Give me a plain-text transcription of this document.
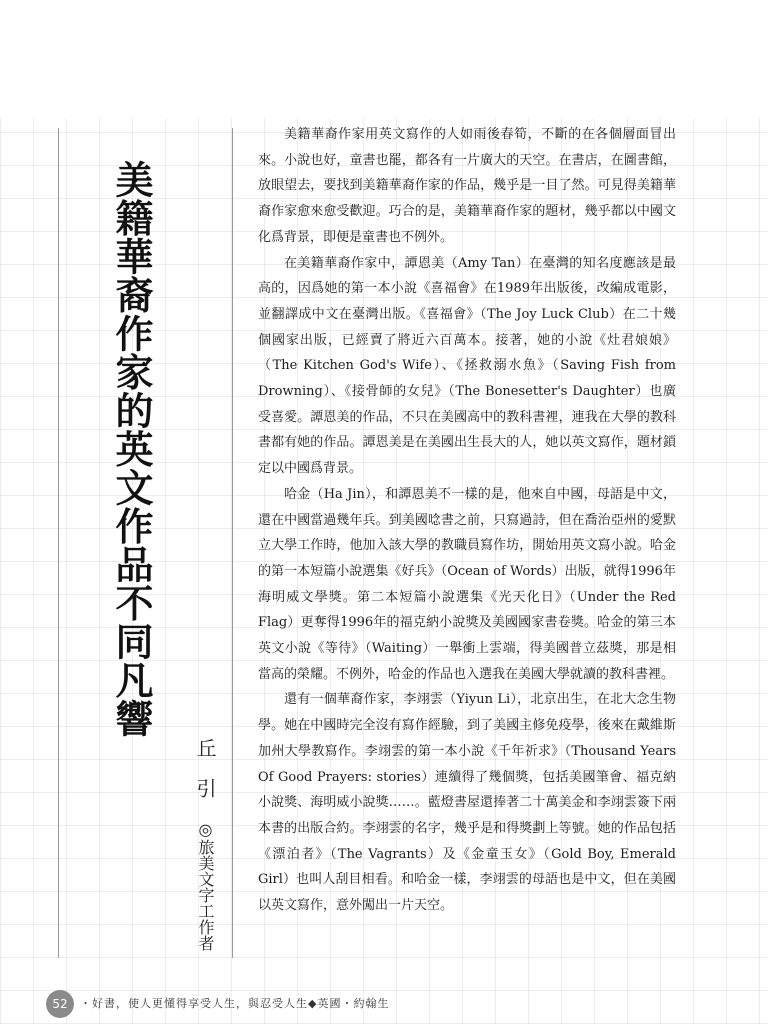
美籍華裔作家的英文作品不同凡響
丘引◎旅美文字工作者

美籍華裔作家用英文寫作的人如雨後春筍，不斷的在各個層面冒出來。小說也好，童書也罷，都各有一片廣大的天空。在書店，在圖書館，放眼望去，要找到美籍華裔作家的作品，幾乎是一目了然。可見得美籍華裔作家愈來愈受歡迎。巧合的是，美籍華裔作家的題材，幾乎都以中國文化爲背景，即便是童書也不例外。

在美籍華裔作家中，譚恩美（Amy Tan）在臺灣的知名度應該是最高的，因爲她的第一本小說《喜福會》在1989年出版後，改編成電影，並翻譯成中文在臺灣出版。《喜福會》（The Joy Luck Club）在二十幾個國家出版，已經賣了將近六百萬本。接著，她的小說《灶君娘娘》（The Kitchen God's Wife）、《拯救溺水魚》（Saving Fish from Drowning）、《接骨師的女兒》（The Bonesetter's Daughter）也廣受喜愛。譚恩美的作品，不只在美國高中的教科書裡，連我在大學的教科書都有她的作品。譚恩美是在美國出生長大的人，她以英文寫作，題材鎖定以中國爲背景。

哈金（Ha Jin），和譚恩美不一樣的是，他來自中國，母語是中文，還在中國當過幾年兵。到美國唸書之前，只寫過詩，但在喬治亞州的愛默立大學工作時，他加入該大學的教職員寫作坊，開始用英文寫小說。哈金的第一本短篇小說選集《好兵》（Ocean of Words）出版，就得1996年海明威文學獎。第二本短篇小說選集《光天化日》（Under the Red Flag）更奪得1996年的福克納小說獎及美國國家書卷獎。哈金的第三本英文小說《等待》（Waiting）一舉衝上雲端，得美國普立茲獎，那是相當高的榮耀。不例外，哈金的作品也入選我在美國大學就讀的教科書裡。

還有一個華裔作家，李翊雲（Yiyun Li），北京出生，在北大念生物學。她在中國時完全沒有寫作經驗，到了美國主修免疫學，後來在戴維斯加州大學教寫作。李翊雲的第一本小說《千年祈求》（Thousand Years Of Good Prayers: stories）連續得了幾個獎，包括美國筆會、福克納小說獎、海明威小說獎……。藍燈書屋還捧著二十萬美金和李翊雲簽下兩本書的出版合約。李翊雲的名字，幾乎是和得獎劃上等號。她的作品包括《漂泊者》（The Vagrants）及《金童玉女》（Gold Boy, Emerald Girl）也叫人刮目相看。和哈金一樣，李翊雲的母語也是中文，但在美國以英文寫作，意外闖出一片天空。

52	・好書，使人更懂得享受人生，與忍受人生◆英國・約翰生
